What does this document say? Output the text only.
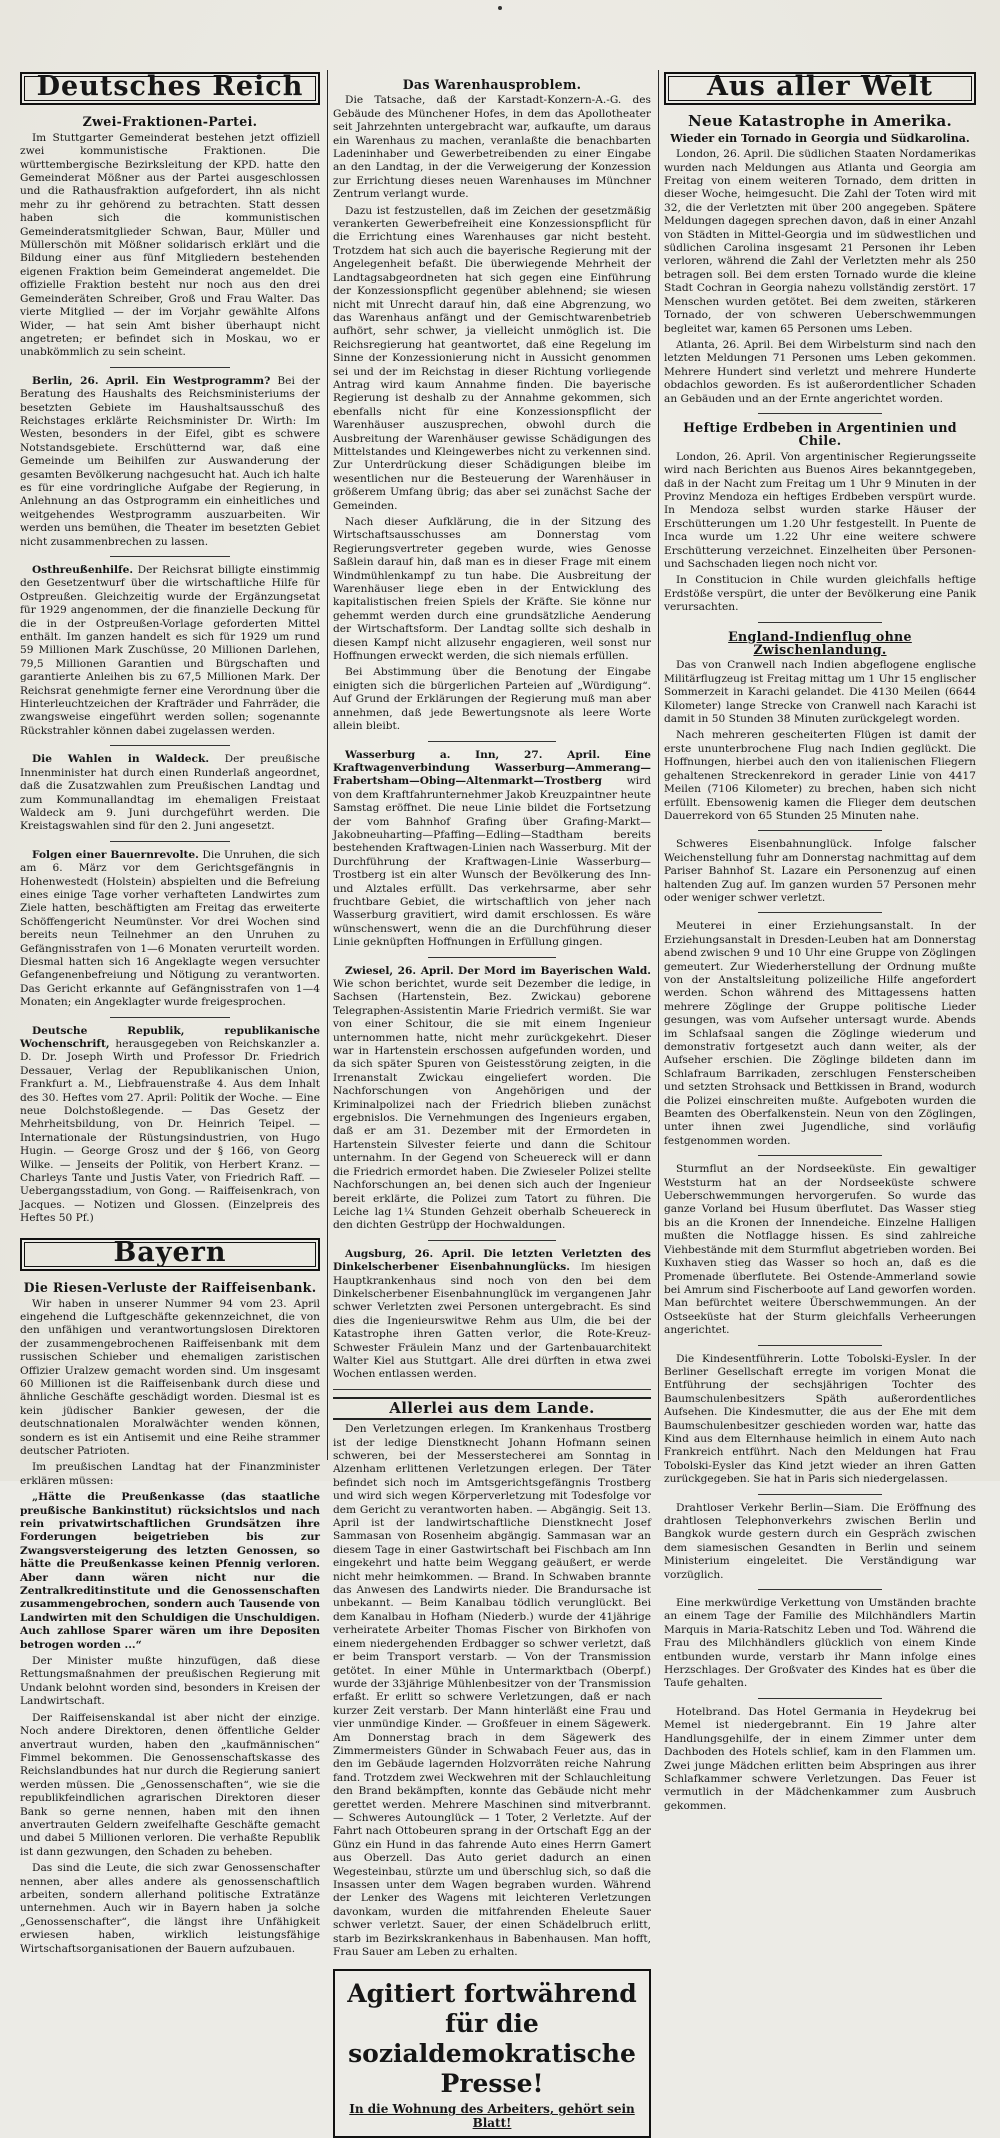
Deutsches Reich
Zwei-Fraktionen-Partei.

Im Stuttgarter Gemeinderat bestehen jetzt offiziell zwei kommunistische Fraktionen. Die württembergische Bezirksleitung der KPD. hatte den Gemeinderat Mößner aus der Partei ausgeschlossen und die Rathausfraktion aufgefordert, ihn als nicht mehr zu ihr gehörend zu betrachten. Statt dessen haben sich die kommunistischen Gemeinderatsmitglieder Schwan, Baur, Müller und Müllerschön mit Mößner solidarisch erklärt und die Bildung einer aus fünf Mitgliedern bestehenden eigenen Fraktion beim Gemeinderat angemeldet. Die offizielle Fraktion besteht nur noch aus den drei Gemeinderäten Schreiber, Groß und Frau Walter. Das vierte Mitglied — der im Vorjahr gewählte Alfons Wider, — hat sein Amt bisher überhaupt nicht angetreten; er befindet sich in Moskau, wo er unabkömmlich zu sein scheint.

Berlin, 26. April. Ein Westprogramm? Bei der Beratung des Haushalts des Reichsministeriums der besetzten Gebiete im Haushaltsausschuß des Reichstages erklärte Reichsminister Dr. Wirth: Im Westen, besonders in der Eifel, gibt es schwere Notstandsgebiete. Erschütternd war, daß eine Gemeinde um Beihilfen zur Auswanderung der gesamten Bevölkerung nachgesucht hat. Auch ich halte es für eine vordringliche Aufgabe der Regierung, in Anlehnung an das Ostprogramm ein einheitliches und weitgehendes Westprogramm auszuarbeiten. Wir werden uns bemühen, die Theater im besetzten Gebiet nicht zusammenbrechen zu lassen.

Osthreußenhilfe. Der Reichsrat billigte einstimmig den Gesetzentwurf über die wirtschaftliche Hilfe für Ostpreußen. Gleichzeitig wurde der Ergänzungsetat für 1929 angenommen, der die finanzielle Deckung für die in der Ostpreußen-Vorlage geforderten Mittel enthält. Im ganzen handelt es sich für 1929 um rund 59 Millionen Mark Zuschüsse, 20 Millionen Darlehen, 79,5 Millionen Garantien und Bürgschaften und garantierte Anleihen bis zu 67,5 Millionen Mark. Der Reichsrat genehmigte ferner eine Verordnung über die Hinterleuchtzeichen der Krafträder und Fahrräder, die zwangsweise eingeführt werden sollen; sogenannte Rückstrahler können dabei zugelassen werden.

Die Wahlen in Waldeck. Der preußische Innenminister hat durch einen Runderlaß angeordnet, daß die Zusatzwahlen zum Preußischen Landtag und zum Kommunallandtag im ehemaligen Freistaat Waldeck am 9. Juni durchgeführt werden. Die Kreistagswahlen sind für den 2. Juni angesetzt.

Folgen einer Bauernrevolte. Die Unruhen, die sich am 6. März vor dem Gerichtsgefängnis in Hohenwestedt (Holstein) abspielten und die Befreiung eines einige Tage vorher verhafteten Landwirtes zum Ziele hatten, beschäftigten am Freitag das erweiterte Schöffengericht Neumünster. Vor drei Wochen sind bereits neun Teilnehmer an den Unruhen zu Gefängnisstrafen von 1—6 Monaten verurteilt worden. Diesmal hatten sich 16 Angeklagte wegen versuchter Gefangenenbefreiung und Nötigung zu verantworten. Das Gericht erkannte auf Gefängnisstrafen von 1—4 Monaten; ein Angeklagter wurde freigesprochen.

Deutsche Republik, republikanische Wochenschrift, herausgegeben von Reichskanzler a. D. Dr. Joseph Wirth und Professor Dr. Friedrich Dessauer, Verlag der Republikanischen Union, Frankfurt a. M., Liebfrauenstraße 4. Aus dem Inhalt des 30. Heftes vom 27. April: Politik der Woche. — Eine neue Dolchstoßlegende. — Das Gesetz der Mehrheitsbildung, von Dr. Heinrich Teipel. — Internationale der Rüstungsindustrien, von Hugo Hugin. — George Grosz und der § 166, von Georg Wilke. — Jenseits der Politik, von Herbert Kranz. — Charleys Tante und Justis Vater, von Friedrich Raff. — Uebergangsstadium, von Gong. — Raiffeisenkrach, von Jacques. — Notizen und Glossen. (Einzelpreis des Heftes 50 Pf.)

Bayern
Die Riesen-Verluste der Raiffeisenbank.

Wir haben in unserer Nummer 94 vom 23. April eingehend die Luftgeschäfte gekennzeichnet, die von den unfähigen und verantwortungslosen Direktoren der zusammengebrochenen Raiffeisenbank mit dem russischen Schieber und ehemaligen zaristischen Offizier Uralzew gemacht worden sind. Um insgesamt 60 Millionen ist die Raiffeisenbank durch diese und ähnliche Geschäfte geschädigt worden. Diesmal ist es kein jüdischer Bankier gewesen, der die deutschnationalen Moralwächter wenden können, sondern es ist ein Antisemit und eine Reihe strammer deutscher Patrioten.

Im preußischen Landtag hat der Finanzminister erklären müssen:

„Hätte die Preußenkasse (das staatliche preußische Bankinstitut) rücksichtslos und nach rein privatwirtschaftlichen Grundsätzen ihre Forderungen beigetrieben bis zur Zwangsversteigerung des letzten Genossen, so hätte die Preußenkasse keinen Pfennig verloren. Aber dann wären nicht nur die Zentralkreditinstitute und die Genossenschaften zusammengebrochen, sondern auch Tausende von Landwirten mit den Schuldigen die Unschuldigen. Auch zahllose Sparer wären um ihre Depositen betrogen worden ...“

Der Minister mußte hinzufügen, daß diese Rettungsmaßnahmen der preußischen Regierung mit Undank belohnt worden sind, besonders in Kreisen der Landwirtschaft.

Der Raiffeisenskandal ist aber nicht der einzige. Noch andere Direktoren, denen öffentliche Gelder anvertraut wurden, haben den „kaufmännischen“ Fimmel bekommen. Die Genossenschaftskasse des Reichslandbundes hat nur durch die Regierung saniert werden müssen. Die „Genossenschaften“, wie sie die republikfeindlichen agrarischen Direktoren dieser Bank so gerne nennen, haben mit den ihnen anvertrauten Geldern zweifelhafte Geschäfte gemacht und dabei 5 Millionen verloren. Die verhaßte Republik ist dann gezwungen, den Schaden zu beheben.

Das sind die Leute, die sich zwar Genossenschafter nennen, aber alles andere als genossenschaftlich arbeiten, sondern allerhand politische Extratänze unternehmen. Auch wir in Bayern haben ja solche „Genossenschafter“, die längst ihre Unfähigkeit erwiesen haben, wirklich leistungsfähige Wirtschaftsorganisationen der Bauern aufzubauen.

Das Warenhausproblem.

Die Tatsache, daß der Karstadt-Konzern-A.-G. des Gebäude des Münchener Hofes, in dem das Apollotheater seit Jahrzehnten untergebracht war, aufkaufte, um daraus ein Warenhaus zu machen, veranlaßte die benachbarten Ladeninhaber und Gewerbetreibenden zu einer Eingabe an den Landtag, in der die Verweigerung der Konzession zur Errichtung dieses neuen Warenhauses im Münchner Zentrum verlangt wurde.

Dazu ist festzustellen, daß im Zeichen der gesetzmäßig verankerten Gewerbefreiheit eine Konzessionspflicht für die Errichtung eines Warenhauses gar nicht besteht. Trotzdem hat sich auch die bayerische Regierung mit der Angelegenheit befaßt. Die überwiegende Mehrheit der Landtagsabgeordneten hat sich gegen eine Einführung der Konzessionspflicht gegenüber ablehnend; sie wiesen nicht mit Unrecht darauf hin, daß eine Abgrenzung, wo das Warenhaus anfängt und der Gemischtwarenbetrieb aufhört, sehr schwer, ja vielleicht unmöglich ist. Die Reichsregierung hat geantwortet, daß eine Regelung im Sinne der Konzessionierung nicht in Aussicht genommen sei und der im Reichstag in dieser Richtung vorliegende Antrag wird kaum Annahme finden. Die bayerische Regierung ist deshalb zu der Annahme gekommen, sich ebenfalls nicht für eine Konzessionspflicht der Warenhäuser auszusprechen, obwohl durch die Ausbreitung der Warenhäuser gewisse Schädigungen des Mittelstandes und Kleingewerbes nicht zu verkennen sind. Zur Unterdrückung dieser Schädigungen bleibe im wesentlichen nur die Besteuerung der Warenhäuser in größerem Umfang übrig; das aber sei zunächst Sache der Gemeinden.

Nach dieser Aufklärung, die in der Sitzung des Wirtschaftsausschusses am Donnerstag vom Regierungsvertreter gegeben wurde, wies Genosse Saßlein darauf hin, daß man es in dieser Frage mit einem Windmühlenkampf zu tun habe. Die Ausbreitung der Warenhäuser liege eben in der Entwicklung des kapitalistischen freien Spiels der Kräfte. Sie könne nur gehemmt werden durch eine grundsätzliche Aenderung der Wirtschaftsform. Der Landtag sollte sich deshalb in diesen Kampf nicht allzusehr engagieren, weil sonst nur Hoffnungen erweckt werden, die sich niemals erfüllen.

Bei Abstimmung über die Benotung der Eingabe einigten sich die bürgerlichen Parteien auf „Würdigung“. Auf Grund der Erklärungen der Regierung muß man aber annehmen, daß jede Bewertungsnote als leere Worte allein bleibt.

Wasserburg a. Inn, 27. April. Eine Kraftwagenverbindung Wasserburg—Ammerang—Frabertsham—Obing—Altenmarkt—Trostberg wird von dem Kraftfahrunternehmer Jakob Kreuzpaintner heute Samstag eröffnet. Die neue Linie bildet die Fortsetzung der vom Bahnhof Grafing über Grafing-Markt—Jakobneuharting—Pfaffing—Edling—Stadtham bereits bestehenden Kraftwagen-Linien nach Wasserburg. Mit der Durchführung der Kraftwagen-Linie Wasserburg—Trostberg ist ein alter Wunsch der Bevölkerung des Inn- und Alztales erfüllt. Das verkehrsarme, aber sehr fruchtbare Gebiet, die wirtschaftlich von jeher nach Wasserburg gravitiert, wird damit erschlossen. Es wäre wünschenswert, wenn die an die Durchführung dieser Linie geknüpften Hoffnungen in Erfüllung gingen.

Zwiesel, 26. April. Der Mord im Bayerischen Wald. Wie schon berichtet, wurde seit Dezember die ledige, in Sachsen (Hartenstein, Bez. Zwickau) geborene Telegraphen-Assistentin Marie Friedrich vermißt. Sie war von einer Schitour, die sie mit einem Ingenieur unternommen hatte, nicht mehr zurückgekehrt. Dieser war in Hartenstein erschossen aufgefunden worden, und da sich später Spuren von Geistesstörung zeigten, in die Irrenanstalt Zwickau eingeliefert worden. Die Nachforschungen von Angehörigen und der Kriminalpolizei nach der Friedrich blieben zunächst ergebnislos. Die Vernehmungen des Ingenieurs ergaben, daß er am 31. Dezember mit der Ermordeten in Hartenstein Silvester feierte und dann die Schitour unternahm. In der Gegend von Scheuereck will er dann die Friedrich ermordet haben. Die Zwieseler Polizei stellte Nachforschungen an, bei denen sich auch der Ingenieur bereit erklärte, die Polizei zum Tatort zu führen. Die Leiche lag 1¼ Stunden Gehzeit oberhalb Scheuereck in den dichten Gestrüpp der Hochwaldungen.

Augsburg, 26. April. Die letzten Verletzten des Dinkelscherbener Eisenbahnunglücks. Im hiesigen Hauptkrankenhaus sind noch von den bei dem Dinkelscherbener Eisenbahnunglück im vergangenen Jahr schwer Verletzten zwei Personen untergebracht. Es sind dies die Ingenieurswitwe Rehm aus Ulm, die bei der Katastrophe ihren Gatten verlor, die Rote-Kreuz-Schwester Fräulein Manz und der Gartenbauarchitekt Walter Kiel aus Stuttgart. Alle drei dürften in etwa zwei Wochen entlassen werden.

Allerlei aus dem Lande.

Den Verletzungen erlegen. Im Krankenhaus Trostberg ist der ledige Dienstknecht Johann Hofmann seinen schweren, bei der Messerstecherei am Sonntag in Alzenham erlittenen Verletzungen erlegen. Der Täter befindet sich noch im Amtsgerichtsgefängnis Trostberg und wird sich wegen Körperverletzung mit Todesfolge vor dem Gericht zu verantworten haben. — Abgängig. Seit 13. April ist der landwirtschaftliche Dienstknecht Josef Sammasan von Rosenheim abgängig. Sammasan war an diesem Tage in einer Gastwirtschaft bei Fischbach am Inn eingekehrt und hatte beim Weggang geäußert, er werde nicht mehr heimkommen. — Brand. In Schwaben brannte das Anwesen des Landwirts nieder. Die Brandursache ist unbekannt. — Beim Kanalbau tödlich verunglückt. Bei dem Kanalbau in Hofham (Niederb.) wurde der 41jährige verheiratete Arbeiter Thomas Fischer von Birkhofen von einem niedergehenden Erdbagger so schwer verletzt, daß er beim Transport verstarb. — Von der Transmission getötet. In einer Mühle in Untermarktbach (Oberpf.) wurde der 33jährige Mühlenbesitzer von der Transmission erfaßt. Er erlitt so schwere Verletzungen, daß er nach kurzer Zeit verstarb. Der Mann hinterläßt eine Frau und vier unmündige Kinder. — Großfeuer in einem Sägewerk. Am Donnerstag brach in dem Sägewerk des Zimmermeisters Günder in Schwabach Feuer aus, das in den im Gebäude lagernden Holzvorräten reiche Nahrung fand. Trotzdem zwei Weckwehren mit der Schlauchleitung den Brand bekämpften, konnte das Gebäude nicht mehr gerettet werden. Mehrere Maschinen sind mitverbrannt. — Schweres Autounglück — 1 Toter, 2 Verletzte. Auf der Fahrt nach Ottobeuren sprang in der Ortschaft Egg an der Günz ein Hund in das fahrende Auto eines Herrn Gamert aus Oberzell. Das Auto geriet dadurch an einen Wegesteinbau, stürzte um und überschlug sich, so daß die Insassen unter dem Wagen begraben wurden. Während der Lenker des Wagens mit leichteren Verletzungen davonkam, wurden die mitfahrenden Eheleute Sauer schwer verletzt. Sauer, der einen Schädelbruch erlitt, starb im Bezirkskrankenhaus in Babenhausen. Man hofft, Frau Sauer am Leben zu erhalten.

Agitiert fortwährend für die sozialdemokratische Presse!
In die Wohnung des Arbeiters, gehört sein Blatt!
Aus aller Welt
Neue Katastrophe in Amerika.
Wieder ein Tornado in Georgia und Südkarolina.

London, 26. April. Die südlichen Staaten Nordamerikas wurden nach Meldungen aus Atlanta und Georgia am Freitag von einem weiteren Tornado, dem dritten in dieser Woche, heimgesucht. Die Zahl der Toten wird mit 32, die der Verletzten mit über 200 angegeben. Spätere Meldungen dagegen sprechen davon, daß in einer Anzahl von Städten in Mittel-Georgia und im südwestlichen und südlichen Carolina insgesamt 21 Personen ihr Leben verloren, während die Zahl der Verletzten mehr als 250 betragen soll. Bei dem ersten Tornado wurde die kleine Stadt Cochran in Georgia nahezu vollständig zerstört. 17 Menschen wurden getötet. Bei dem zweiten, stärkeren Tornado, der von schweren Ueberschwemmungen begleitet war, kamen 65 Personen ums Leben.

Atlanta, 26. April. Bei dem Wirbelsturm sind nach den letzten Meldungen 71 Personen ums Leben gekommen. Mehrere Hundert sind verletzt und mehrere Hunderte obdachlos geworden. Es ist außerordentlicher Schaden an Gebäuden und an der Ernte angerichtet worden.

Heftige Erdbeben in Argentinien und Chile.

London, 26. April. Von argentinischer Regierungsseite wird nach Berichten aus Buenos Aires bekanntgegeben, daß in der Nacht zum Freitag um 1 Uhr 9 Minuten in der Provinz Mendoza ein heftiges Erdbeben verspürt wurde. In Mendoza selbst wurden starke Häuser der Erschütterungen um 1.20 Uhr festgestellt. In Puente de Inca wurde um 1.22 Uhr eine weitere schwere Erschütterung verzeichnet. Einzelheiten über Personen- und Sachschaden liegen noch nicht vor.

In Constitucion in Chile wurden gleichfalls heftige Erdstöße verspürt, die unter der Bevölkerung eine Panik verursachten.

England-Indienflug ohne Zwischenlandung.

Das von Cranwell nach Indien abgeflogene englische Militärflugzeug ist Freitag mittag um 1 Uhr 15 englischer Sommerzeit in Karachi gelandet. Die 4130 Meilen (6644 Kilometer) lange Strecke von Cranwell nach Karachi ist damit in 50 Stunden 38 Minuten zurückgelegt worden.

Nach mehreren gescheiterten Flügen ist damit der erste ununterbrochene Flug nach Indien geglückt. Die Hoffnungen, hierbei auch den von italienischen Fliegern gehaltenen Streckenrekord in gerader Linie von 4417 Meilen (7106 Kilometer) zu brechen, haben sich nicht erfüllt. Ebensowenig kamen die Flieger dem deutschen Dauerrekord von 65 Stunden 25 Minuten nahe.

Schweres Eisenbahnunglück. Infolge falscher Weichenstellung fuhr am Donnerstag nachmittag auf dem Pariser Bahnhof St. Lazare ein Personenzug auf einen haltenden Zug auf. Im ganzen wurden 57 Personen mehr oder weniger schwer verletzt.

Meuterei in einer Erziehungsanstalt. In der Erziehungsanstalt in Dresden-Leuben hat am Donnerstag abend zwischen 9 und 10 Uhr eine Gruppe von Zöglingen gemeutert. Zur Wiederherstellung der Ordnung mußte von der Anstaltsleitung polizeiliche Hilfe angefordert werden. Schon während des Mittagessens hatten mehrere Zöglinge der Gruppe politische Lieder gesungen, was vom Aufseher untersagt wurde. Abends im Schlafsaal sangen die Zöglinge wiederum und demonstrativ fortgesetzt auch dann weiter, als der Aufseher erschien. Die Zöglinge bildeten dann im Schlafraum Barrikaden, zerschlugen Fensterscheiben und setzten Strohsack und Bettkissen in Brand, wodurch die Polizei einschreiten mußte. Aufgeboten wurden die Beamten des Oberfalkenstein. Neun von den Zöglingen, unter ihnen zwei Jugendliche, sind vorläufig festgenommen worden.

Sturmflut an der Nordseeküste. Ein gewaltiger Weststurm hat an der Nordseeküste schwere Ueberschwemmungen hervorgerufen. So wurde das ganze Vorland bei Husum überflutet. Das Wasser stieg bis an die Kronen der Innendeiche. Einzelne Halligen mußten die Notflagge hissen. Es sind zahlreiche Viehbestände mit dem Sturmflut abgetrieben worden. Bei Kuxhaven stieg das Wasser so hoch an, daß es die Promenade überflutete. Bei Ostende-Ammerland sowie bei Amrum sind Fischerboote auf Land geworfen worden. Man befürchtet weitere Überschwemmungen. An der Ostseeküste hat der Sturm gleichfalls Verheerungen angerichtet.

Die Kindesentführerin. Lotte Tobolski-Eysler. In der Berliner Gesellschaft erregte im vorigen Monat die Entführung der sechsjährigen Tochter des Baumschulenbesitzers Späth außerordentliches Aufsehen. Die Kindesmutter, die aus der Ehe mit dem Baumschulenbesitzer geschieden worden war, hatte das Kind aus dem Elternhause heimlich in einem Auto nach Frankreich entführt. Nach den Meldungen hat Frau Tobolski-Eysler das Kind jetzt wieder an ihren Gatten zurückgegeben. Sie hat in Paris sich niedergelassen.

Drahtloser Verkehr Berlin—Siam. Die Eröffnung des drahtlosen Telephonverkehrs zwischen Berlin und Bangkok wurde gestern durch ein Gespräch zwischen dem siamesischen Gesandten in Berlin und seinem Ministerium eingeleitet. Die Verständigung war vorzüglich.

Eine merkwürdige Verkettung von Umständen brachte an einem Tage der Familie des Milchhändlers Martin Marquis in Maria-Ratschitz Leben und Tod. Während die Frau des Milchhändlers glücklich von einem Kinde entbunden wurde, verstarb ihr Mann infolge eines Herzschlages. Der Großvater des Kindes hat es über die Taufe gehalten.

Hotelbrand. Das Hotel Germania in Heydekrug bei Memel ist niedergebrannt. Ein 19 Jahre alter Handlungsgehilfe, der in einem Zimmer unter dem Dachboden des Hotels schlief, kam in den Flammen um. Zwei junge Mädchen erlitten beim Abspringen aus ihrer Schlafkammer schwere Verletzungen. Das Feuer ist vermutlich in der Mädchenkammer zum Ausbruch gekommen.
